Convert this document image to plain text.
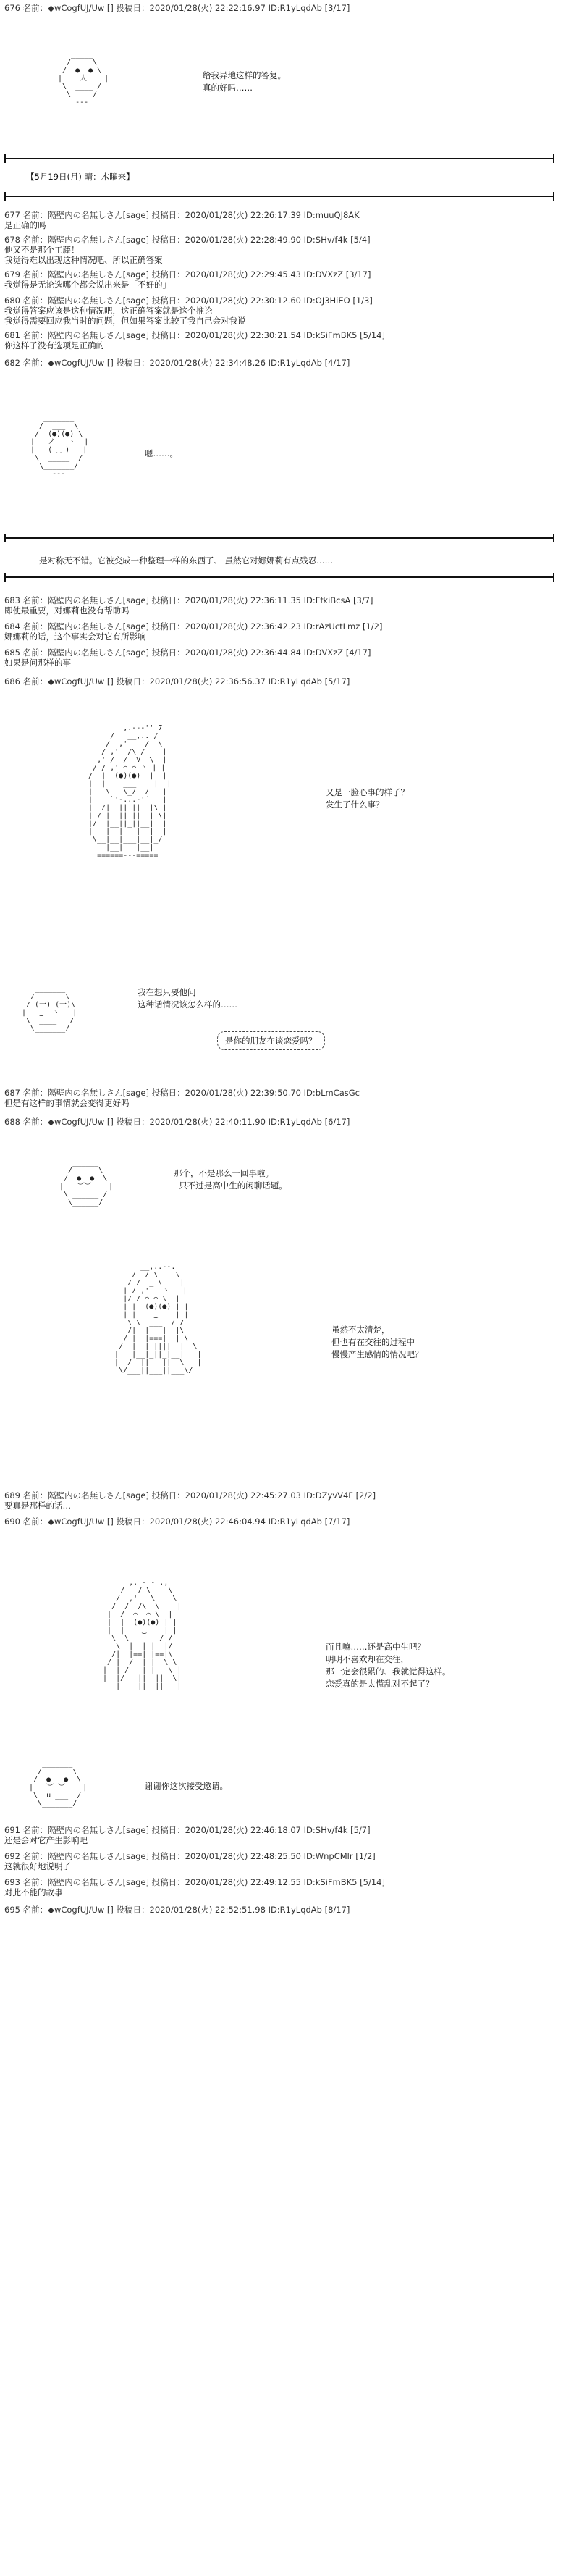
676 名前：◆wCogfUJ/Uw [] 投稿日：2020/01/28(火) 22:22:16.97 ID:R1yLqdAb [3/17]
_____
/     \
/  ●  ● \
|    人    |
\  ____ /
\_____/
---
给我异地这样的答复。
真的好吗……
【5月19日(月) 晴：木曜来】
677 名前：隔壁内の名無しさん[sage] 投稿日：2020/01/28(火) 22:26:17.39 ID:muuQJ8AK
是正确的吗
678 名前：隔壁内の名無しさん[sage] 投稿日：2020/01/28(火) 22:28:49.90 ID:SHv/f4k [5/4]
他又不是那个工藤！
我觉得难以出现这种情况吧、所以正确答案
679 名前：隔壁内の名無しさん[sage] 投稿日：2020/01/28(火) 22:29:45.43 ID:DVXzZ [3/17]
我觉得是无论选哪个都会说出来是「不好的」
680 名前：隔壁内の名無しさん[sage] 投稿日：2020/01/28(火) 22:30:12.60 ID:OJ3HiEO [1/3]
我觉得答案应该是这种情况吧，这正确答案就是这个推论
我觉得需要回应我当时的问题，但如果答案比较了我自己会对我说
681 名前：隔壁内の名無しさん[sage] 投稿日：2020/01/28(火) 22:30:21.54 ID:kSiFmBK5 [5/14]
你这样子没有选项是正确的
682 名前：◆wCogfUJ/Uw [] 投稿日：2020/01/28(火) 22:34:48.26 ID:R1yLqdAb [4/17]
_______
/  ___  \
/  (●)(●) \
|   ノ   ヽ  |
|   ( ‿ )   |
\  _____  /
\_______/
---
嗯……。
是对称无不错。它被变成一种整理一样的东西了、 虽然它对娜娜莉有点残忍……
683 名前：隔壁内の名無しさん[sage] 投稿日：2020/01/28(火) 22:36:11.35 ID:FfkiBcsA [3/7]
即使最重要，对娜莉也没有帮助吗
684 名前：隔壁内の名無しさん[sage] 投稿日：2020/01/28(火) 22:36:42.23 ID:rAzUctLmz [1/2]
娜娜莉的话，这个事实会对它有所影响
685 名前：隔壁内の名無しさん[sage] 投稿日：2020/01/28(火) 22:36:44.84 ID:DVXzZ [4/17]
如果是问那样的事
686 名前：◆wCogfUJ/Uw [] 投稿日：2020/01/28(火) 22:36:56.37 ID:R1yLqdAb [5/17]
,.---'' 7
/   __,.. /
/  ,'    /  \
/ ,'  /\ /    |
,' /  /  V  \  |
/ / ,' ⌒ ⌒ ヽ | |
/  |  (●)(●)  |  |
|  |    ___    |  |
|   \   \_/  /   |
|    `'-...-'´   |
|  /|  || ||  |\ |
| / |  || ||  | \|
|/  |__||_||__|  |
|   |  |   |  |  |
\__|__|___|__|_/
|__|   |__|
======---=====
又是一脸心事的样子？
发生了什么事？
_______
/       \
/ (一) (一)\
|   ‿  ヽ   |
\  ____   /
\_______/
我在想只要他问
这种话情况该怎么样的……
是你的朋友在谈恋爱吗？
687 名前：隔壁内の名無しさん[sage] 投稿日：2020/01/28(火) 22:39:50.70 ID:bLmCasGc
但是有这样的事情就会变得更好吗
688 名前：◆wCogfUJ/Uw [] 投稿日：2020/01/28(火) 22:40:11.90 ID:R1yLqdAb [6/17]
______
/      \
/  ●  ●  \
|   ︶︶    |
\ ______ /
\______/
那个，不是那么一回事啦。
只不过是高中生的闲聊话题。
__,..--.
/  / \    \
/ /  _ \    |
| / ,'   ヽ   |
|/ / ⌒ ⌒ \  |
| |  (●)(●) | |
| |    ‿    | |
\ \  ___  / /
/|  |   |  |\
/ |  |===|  | \
/  |  | ||||  |  \
|   |__|_||_|__|   |
|  /  ||   ||  \   |
\/___||___||___\/
虽然不太清楚，
但也有在交往的过程中
慢慢产生感情的情况吧？
689 名前：隔壁内の名無しさん[sage] 投稿日：2020/01/28(火) 22:45:27.03 ID:DZyvV4F [2/2]
要真是那样的话…
690 名前：◆wCogfUJ/Uw [] 投稿日：2020/01/28(火) 22:46:04.94 ID:R1yLqdAb [7/17]
,. -─- .,
/   / \    \
/  ,'   \    \
/  /  /\  \    |
|  /  ⌒  ⌒ \  |
|  |  (●)(●) | |
|  |    ‿    | |
\  \  ___  / /
\  |  | |  |/
/|  |==| |==|\
/ |  /  | |  \ \
|  | /___|_|___\ |
|__|/   ||  ||  \|
|____||__||___|
而且嘛……还是高中生吧？
明明不喜欢却在交往，
那一定会很累的、我就觉得这样。
恋爱真的是太慌乱对不起了？
_______
/       \
/  ●   ●  \
|   ︶ ︶    |
\  u ___  /
\_______/
谢谢你这次接受邀请。
691 名前：隔壁内の名無しさん[sage] 投稿日：2020/01/28(火) 22:46:18.07 ID:SHv/f4k [5/7]
还是会对它产生影响吧
692 名前：隔壁内の名無しさん[sage] 投稿日：2020/01/28(火) 22:48:25.50 ID:WnpCMlr [1/2]
这就很好地说明了
693 名前：隔壁内の名無しさん[sage] 投稿日：2020/01/28(火) 22:49:12.55 ID:kSiFmBK5 [5/14]
对此不能的故事
695 名前：◆wCogfUJ/Uw [] 投稿日：2020/01/28(火) 22:52:51.98 ID:R1yLqdAb [8/17]
